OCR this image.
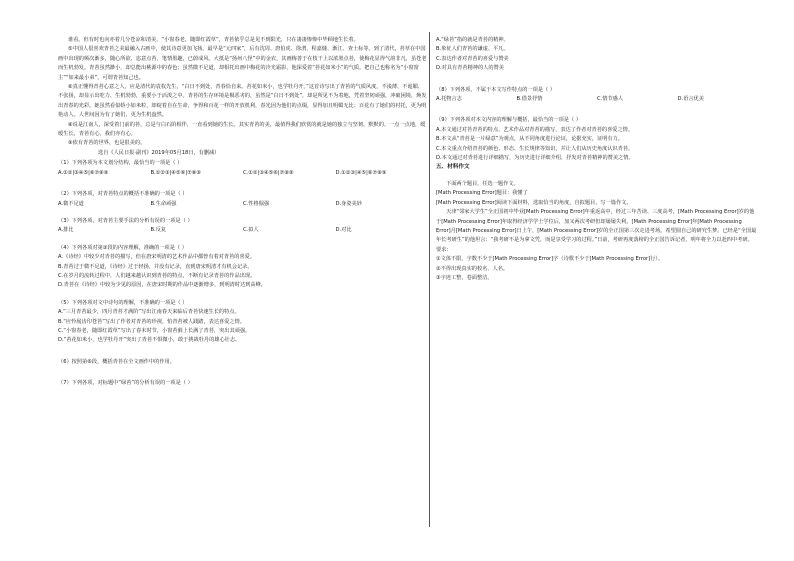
谁看。但有时也向亦着几分苍凉和清美，“小窗春老，随即红霞草”，青苔依乎总是见不到阳光，只在凄凄惨惨中毕顾地生长着。

⑤中国人很喜欢青苔之美最融入古画中，使其诗意更加飞扬。最早是“元四家”，后有沈周、唐伯虎、徐渭、程嘉燧、渐江、查士标等。到了清代，苔草在中国画中出现的频次渐多，随心所欲、恣意点苔，笔情墨趣，已蔚成风。大抵是“扬州八怪”中的金农，其画梅善于在枝干上以浓墨点苔，使梅花显得气韵非凡，虽苍老而生机勃发。青苔虽然渺小，却总能出桃源中的春色；虽然微不足道，却相托出画中梅花的冷光霜影，他深爱着“苔花如米小”的气质，把自己也称名为“小窗窗主”“如来最小弟”，可谓青苔知己也。

⑥真正懂得青苔心意之人，应是清代的袁枚先生，“白日不到处，青春恰自来。苔花如米小，也学牡丹开。”这首诗写出了青苔的气质风度，不浅薄、不诡媚、不张扬，却显示出吃力、生机勃勃，重要小于活泼之中。青苔的生存环境是极恶劣的，虽然是“白日不到处”，却是所见不为着地，凭着坚韧顽强，冲破困境，焕发出青春的光彩。她虽然看似娇小如米粒，却绽着自在生命，争得和百花一样的开放机利，春光因为他们的点缀，显得加且明媚无比；百花有了她们的衬托，更为明艳动人。人世间因为有了她们，更为生机盎然。

⑧说是江南人，深受着门前的苔，总是与白石阶相伴，一直看到她的生长。其实青苔的美，最值得我们欣赏的就是她的独立与坚韧，默默的、一点一点地，缓缓生长，青苔有心，我们亦有心。

⑨依有青苔的世界，也是很美的。

选自《人民日报·副刊》2019年05月18日，有删减）

（1）下列各项为本文划分结构，最恰当的一项是（ ）

A.①②|③④⑤|⑥⑦⑧⑨	B.①②③|④⑤⑥|⑦⑧⑨	C.①②|③④⑤⑥|⑦⑧⑨	D.①②③|④⑤|⑥⑦⑧⑨

（2）下列各项，对青苔特点的概括不准确的一项是（ ）

A.微不足道	B.生命顽强	C.性格倔强	D.身姿美妙

（3）下列各项，对青苔主要手法的分析有误的一项是（ ）

A.排比	B.反复	C.拟人	D.对比

（4）下列各项对第③段的内容理解，准确的一项是（ ）

A.《诗经》中较少对青苔的描写，但在唐宋明清的艺术作品中都曾有着对青苔的喜爱。

B.青苔过于微不足道，《诗经》过于轻扬，并没有记录，直到唐宋明清才有机会记录。

C.在岁月的流转过程中，人们越来越认识到青苔的特点，不断有记录青苔的作品出现。

D.青苔在《诗经》中较为少见的原因，在唐宋时期的作品中逐渐增多，到明清时达到高峰。

（5）下列各项对文中诗句的理解，不准确的一项是（ ）

A.“三月青苔最少，四月青苔才满阶”写出江南春天来临后青苔快速生长的特点。

B.“应怜屐齿印苍苔”写出了作者对青苔的珍视，怕青苔被人践踏，表达喜爱之情。

C.“小窗春老，随即红霞草”写出了春末时节，小窗苔藓上长满了青苔，突出其顽强。

D.“苔花如米小，也学牡丹开”突出了青苔不惧微小，敢于挑战牡丹的雄心壮志。

（6）按照第⑥段，概括青苔在全文画作中的作用。

（7）下列各项，对标题中“绿苔”的分析有误的一项是（ ）

A.“绿苔”指的就是青苔的精神。

B.象征人们青苔的谦虚、平凡。

C.表达作者对青苔的喜爱与赞美

D.对具有青苔精神的人的赞美

（8）下列各项，不属于本文写作特点的一项是（ ）

A.托物言志	B.借景抒情	C.情节感人	D.语言优美

（9）下列各项对本文内容的理解与概括，最恰当的一项是（ ）

A.本文通过对苔青苔的特点、艺术作品对青苔的描写，表达了作者对青苔的喜爱之情。

B.本文从“青苔是一片绿意”为观点，从不同角度进行论证，论据充实，证明有力。

C.本文重点介绍青苔的颜色、形态、生长规律等知识，并让人们从历史角度认识青苔。

D.本文通过对青苔进行详细描写，为历史进行详细介绍，抒发对青苔精神的赞美之情。

五、材料作文

下面两个题目，任选一题作文。

[Math Processing Error]题目：我懂了

[Math Processing Error]阅读下面材料，选取恰当的角度，自拟题目，写一篇作文。

天津“邻家大学生”全正国初中毕业[Math Processing Error]年重返高中，经过三年苦读、三度高考，[Math Processing Error]岁的他于[Math Processing Error]年取得经济学学士学位后，加又两次考研但却屡屡失利。[Math Processing Error]年[Math Processing Error]月[Math Processing Error]日上午，[Math Processing Error]岁的全正国第三次走进考场。希望圆自己的研究生梦。已经是“全国最年长考研生”的他坦言：“我考研不是为拿文凭，而是享受学习的过程。”日前，考研再度落榜的全正国告诉记者，明年将全力以赴四中考研。

要求：

①文体不限，字数不少于[Math Processing Error]字（诗歌不少于[Math Processing Error]行）。

②不得出现真实的校名、人名。

③字迹工整，卷面整洁。
